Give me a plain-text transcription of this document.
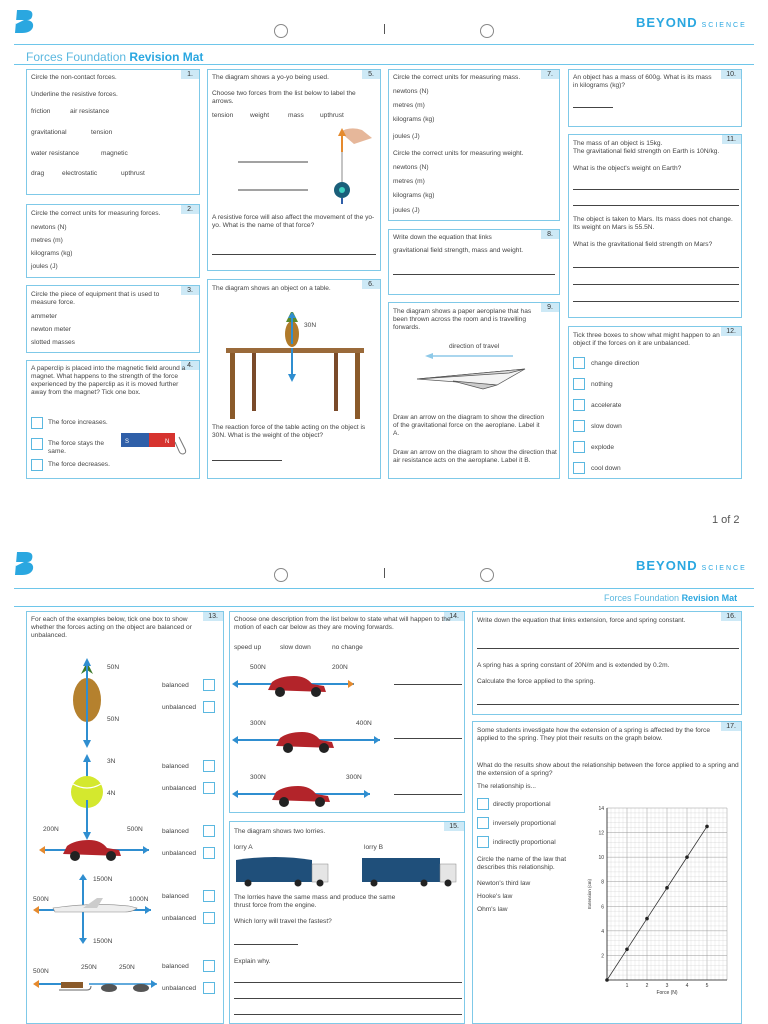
BEYOND SCIENCE
Forces Foundation Revision Mat
1.
Circle the non-contact forces.
Underline the resistive forces.
friction	air resistance
gravitational	tension
water resistance	magnetic
drag	electrostatic	upthrust
2.
Circle the correct units for measuring forces.
newtons (N)
metres (m)
kilograms (kg)
joules (J)
3.
Circle the piece of equipment that is used to measure force.
ammeter
newton meter
slotted masses
4.
A paperclip is placed into the magnetic field around a magnet. What happens to the strength of the force experienced by the paperclip as it is moved further away from the magnet? Tick one box.
The force increases.
The force stays the same.
The force decreases.
S	N
5.
The diagram shows a yo-yo being used.
Choose two forces from the list below to label the arrows.
tension	weight	mass upthrust
A resistive force will also affect the movement of the yo-yo. What is the name of that force?
6.
The diagram shows an object on a table.
30N
The reaction force of the table acting on the object is 30N. What is the weight of the object?
7.
Circle the correct units for measuring mass.
newtons (N)
metres (m)
kilograms (kg)
joules (J)
Circle the correct units for measuring weight.
newtons (N)
metres (m)
kilograms (kg)
joules (J)
8.
Write down the equation that links
gravitational field strength, mass and weight.
9.
The diagram shows a paper aeroplane that has been thrown across the room and is travelling forwards.
direction of travel
Draw an arrow on the diagram to show the direction of the gravitational force on the aeroplane. Label it A.
Draw an arrow on the diagram to show the direction that air resistance acts on the aeroplane. Label it B.
10.
An object has a mass of 600g. What is its mass in kilograms (kg)?
11.
The mass of an object is 15kg.
The gravitational field strength on Earth is 10N/kg.
What is the object's weight on Earth?
The object is taken to Mars. Its mass does not change. Its weight on Mars is 55.5N.
What is the gravitational field strength on Mars?
12.
Tick three boxes to show what might happen to an object if the forces on it are unbalanced.
change direction
nothing
accelerate
slow down
explode
cool down
1 of 2
BEYOND SCIENCE
Forces Foundation Revision Mat
13.
For each of the examples below, tick one box to show whether the forces acting on the object are balanced or unbalanced.
50N
50N
balanced
unbalanced
3N
4N
balanced
unbalanced
200N	500N	balanced
unbalanced
1500N
500N	1000N
1500N
balanced
unbalanced
500N
250N	250N	balanced
unbalanced
14.
Choose one description from the list below to state what will happen to the motion of each car below as they are moving forwards.
speed up	slow down	no change
500N	200N
300N	400N
300N	300N
15.
The diagram shows two lorries.
lorry A	lorry B
The lorries have the same mass and produce the same thrust force from the engine.
Which lorry will travel the fastest?
Explain why.
16.
Write down the equation that links extension, force and spring constant.
A spring has a spring constant of 20N/m and is extended by 0.2m.
Calculate the force applied to the spring.
17.
Some students investigate how the extension of a spring is affected by the force applied to the spring. They plot their results on the graph below.
What do the results show about the relationship between the force applied to a spring and the extension of a spring?
The relationship is...
directly proportional
inversely proportional
indirectly proportional
Circle the name of the law that describes this relationship.
Newton's third law
Hooke's law
Ohm's law
1	2	3	4	5
2
4
6
8
10
12
14
Force (N)
Extension (cm)
